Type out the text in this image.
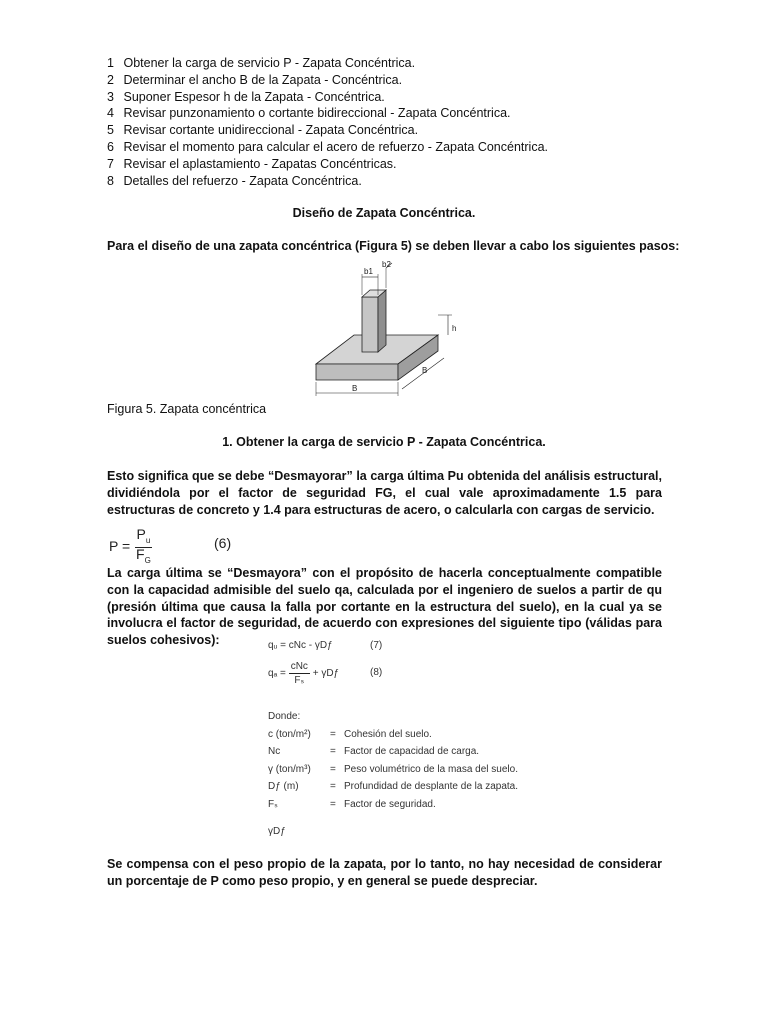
1 Obtener la carga de servicio P - Zapata Concéntrica.
2 Determinar el ancho B de la Zapata - Concéntrica.
3 Suponer Espesor h de la Zapata - Concéntrica.
4 Revisar punzonamiento o cortante bidireccional - Zapata Concéntrica.
5 Revisar cortante unidireccional - Zapata Concéntrica.
6 Revisar el momento para calcular el acero de refuerzo - Zapata Concéntrica.
7 Revisar el aplastamiento - Zapatas Concéntricas.
8 Detalles del refuerzo - Zapata Concéntrica.
Diseño de Zapata Concéntrica.
Para el diseño de una zapata concéntrica (Figura 5) se deben llevar a cabo los siguientes pasos:
b1
b2
h
B
B
Figura 5. Zapata concéntrica
1. Obtener la carga de servicio P - Zapata Concéntrica.
Esto significa que se debe “Desmayorar” la carga última Pu obtenida del análisis estructural, dividiéndola por el factor de seguridad FG, el cual vale aproximadamente 1.5 para estructuras de concreto y 1.4 para estructuras de acero, o calcularla con cargas de servicio.
$P = \frac{P_u}{F_G}$	(6)
La carga última se “Desmayora” con el propósito de hacerla conceptualmente compatible con la capacidad admisible del suelo qa, calculada por el ingeniero de suelos a partir de qu (presión última que causa la falla por cortante en la estructura del suelo), en la cual ya se involucra el factor de seguridad, de acuerdo con expresiones del siguiente tipo (válidas para suelos cohesivos):	qᵤ = cNᴄ - γDƒ	(7)
$q_a = \frac{\text{cNᴄ}}{\text{Fₛ}}$ + γDƒ	(8)
Donde:
c (ton/m²) = Cohesión del suelo.
Nᴄ	= Factor de capacidad de carga.
γ (ton/m³) = Peso volumétrico de la masa del suelo.
Dƒ (m)	= Profundidad de desplante de la zapata.
Fₛ	= Factor de seguridad.
γDƒ
Se compensa con el peso propio de la zapata, por lo tanto, no hay necesidad de considerar un porcentaje de P como peso propio, y en general se puede despreciar.
